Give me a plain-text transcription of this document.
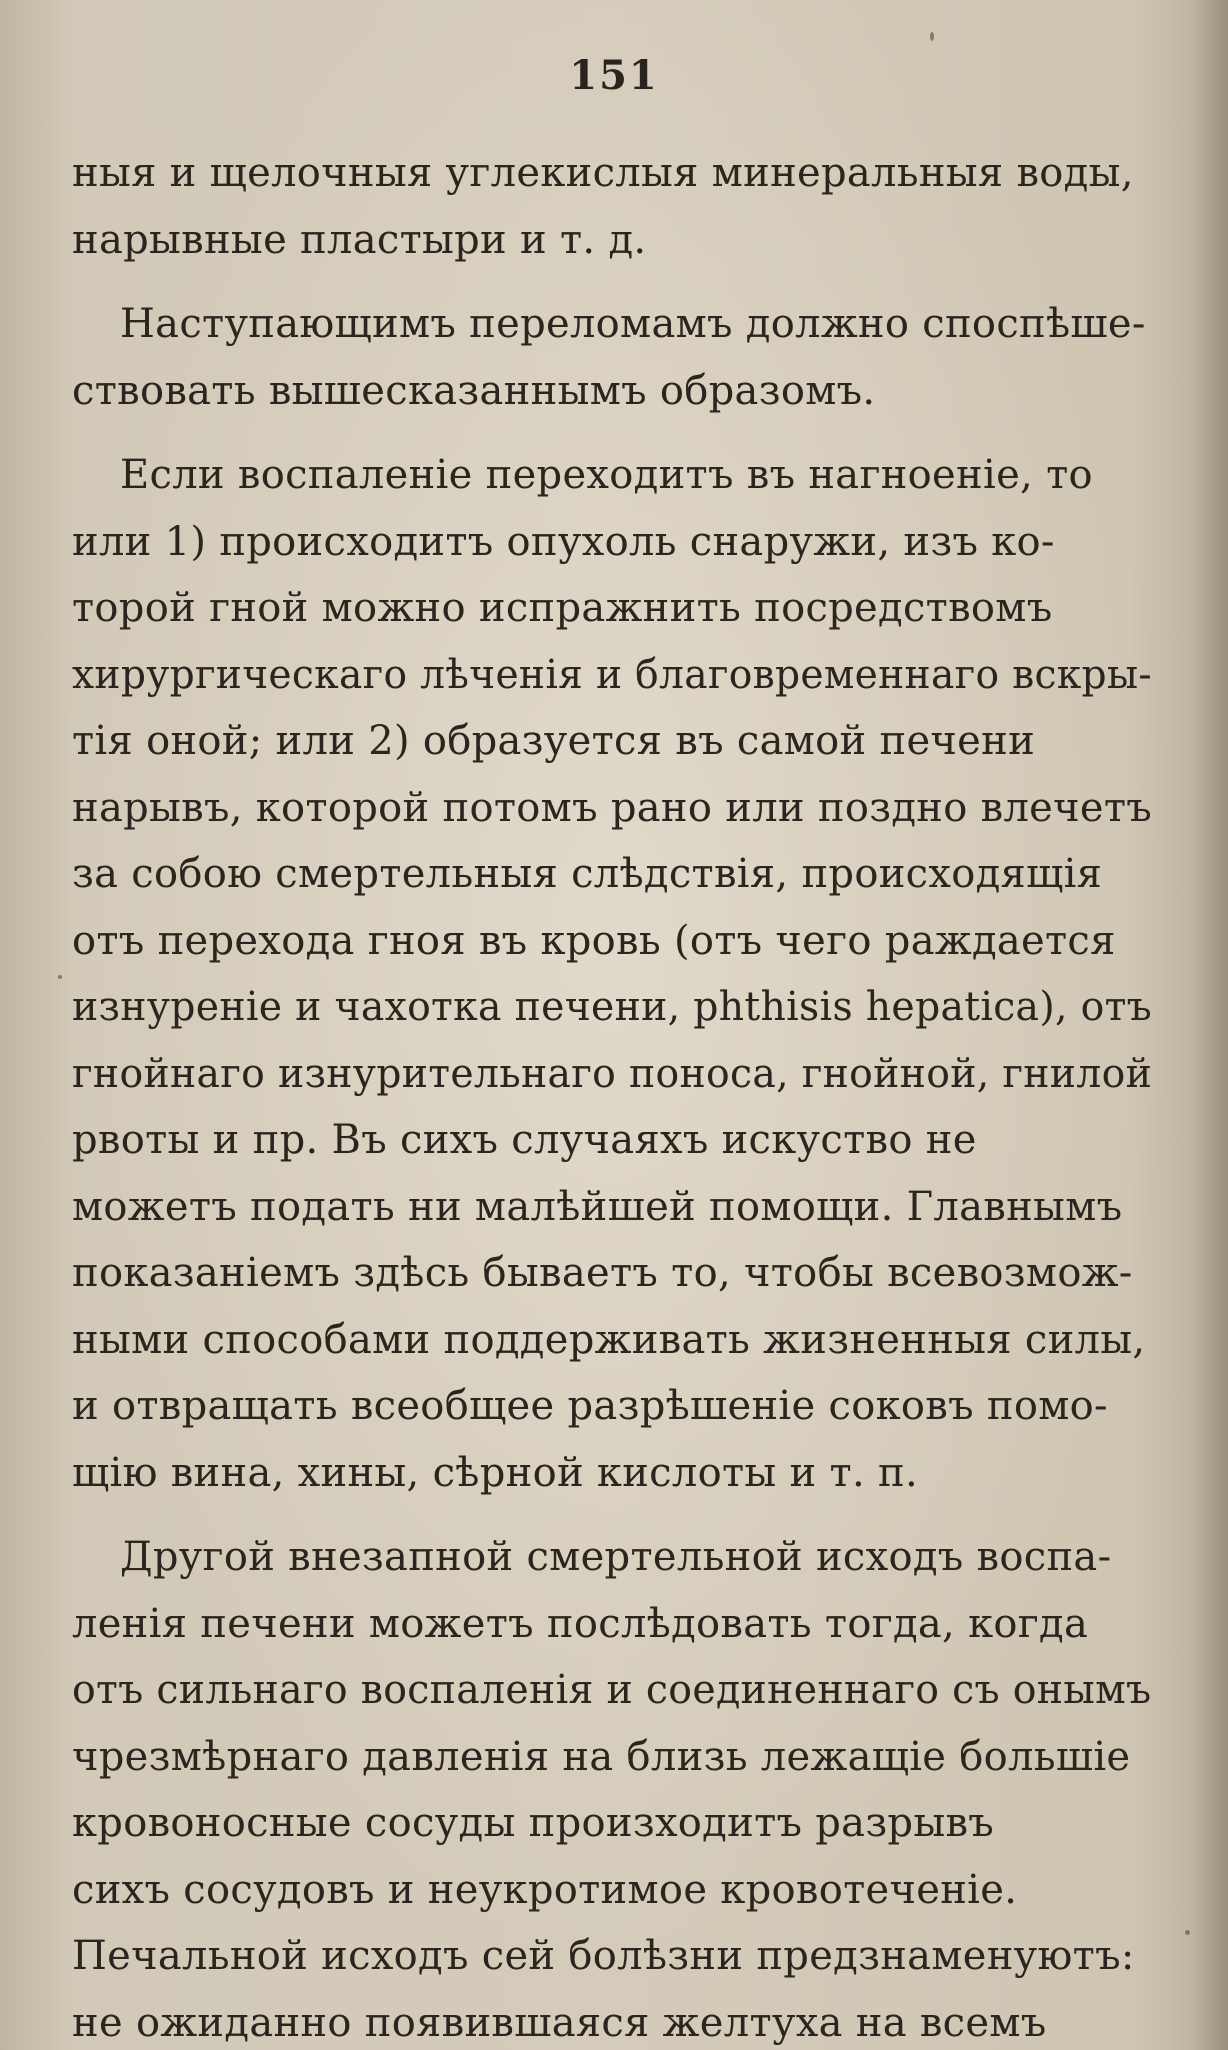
151
ныя и щелочныя углекислыя минеральныя воды,
нарывные пластыри и т. д.
Наступающимъ переломамъ должно споспѣше-
ствовать вышесказаннымъ образомъ.
Если воспаленіе переходитъ въ нагноеніе, то
или 1) происходитъ опухоль снаружи, изъ ко-
торой гной можно испражнить посредствомъ
хирургическаго лѣченія и благовременнаго вскры-
тія оной; или 2) образуется въ самой печени
нарывъ, которой потомъ рано или поздно влечетъ
за собою смертельныя слѣдствія, происходящія
отъ перехода гноя въ кровь (отъ чего раждается
изнуреніе и чахотка печени, phthisis hepatica), отъ
гнойнаго изнурительнаго поноса, гнойной, гнилой
рвоты и пр. Въ сихъ случаяхъ искуство не
можетъ подать ни малѣйшей помощи. Главнымъ
показаніемъ здѣсь бываетъ то, чтобы всевозмож-
ными способами поддерживать жизненныя силы,
и отвращать всеобщее разрѣшеніе соковъ помо-
щію вина, хины, сѣрной кислоты и т. п.
Другой внезапной смертельной исходъ воспа-
ленія печени можетъ послѣдовать тогда, когда
отъ сильнаго воспаленія и соединеннаго съ онымъ
чрезмѣрнаго давленія на близь лежащіе большіе
кровоносные сосуды произходитъ разрывъ
сихъ сосудовъ и неукротимое кровотеченіе.
Печальной исходъ сей болѣзни предзнаменуютъ:
не ожиданно появившаяся желтуха на всемъ
